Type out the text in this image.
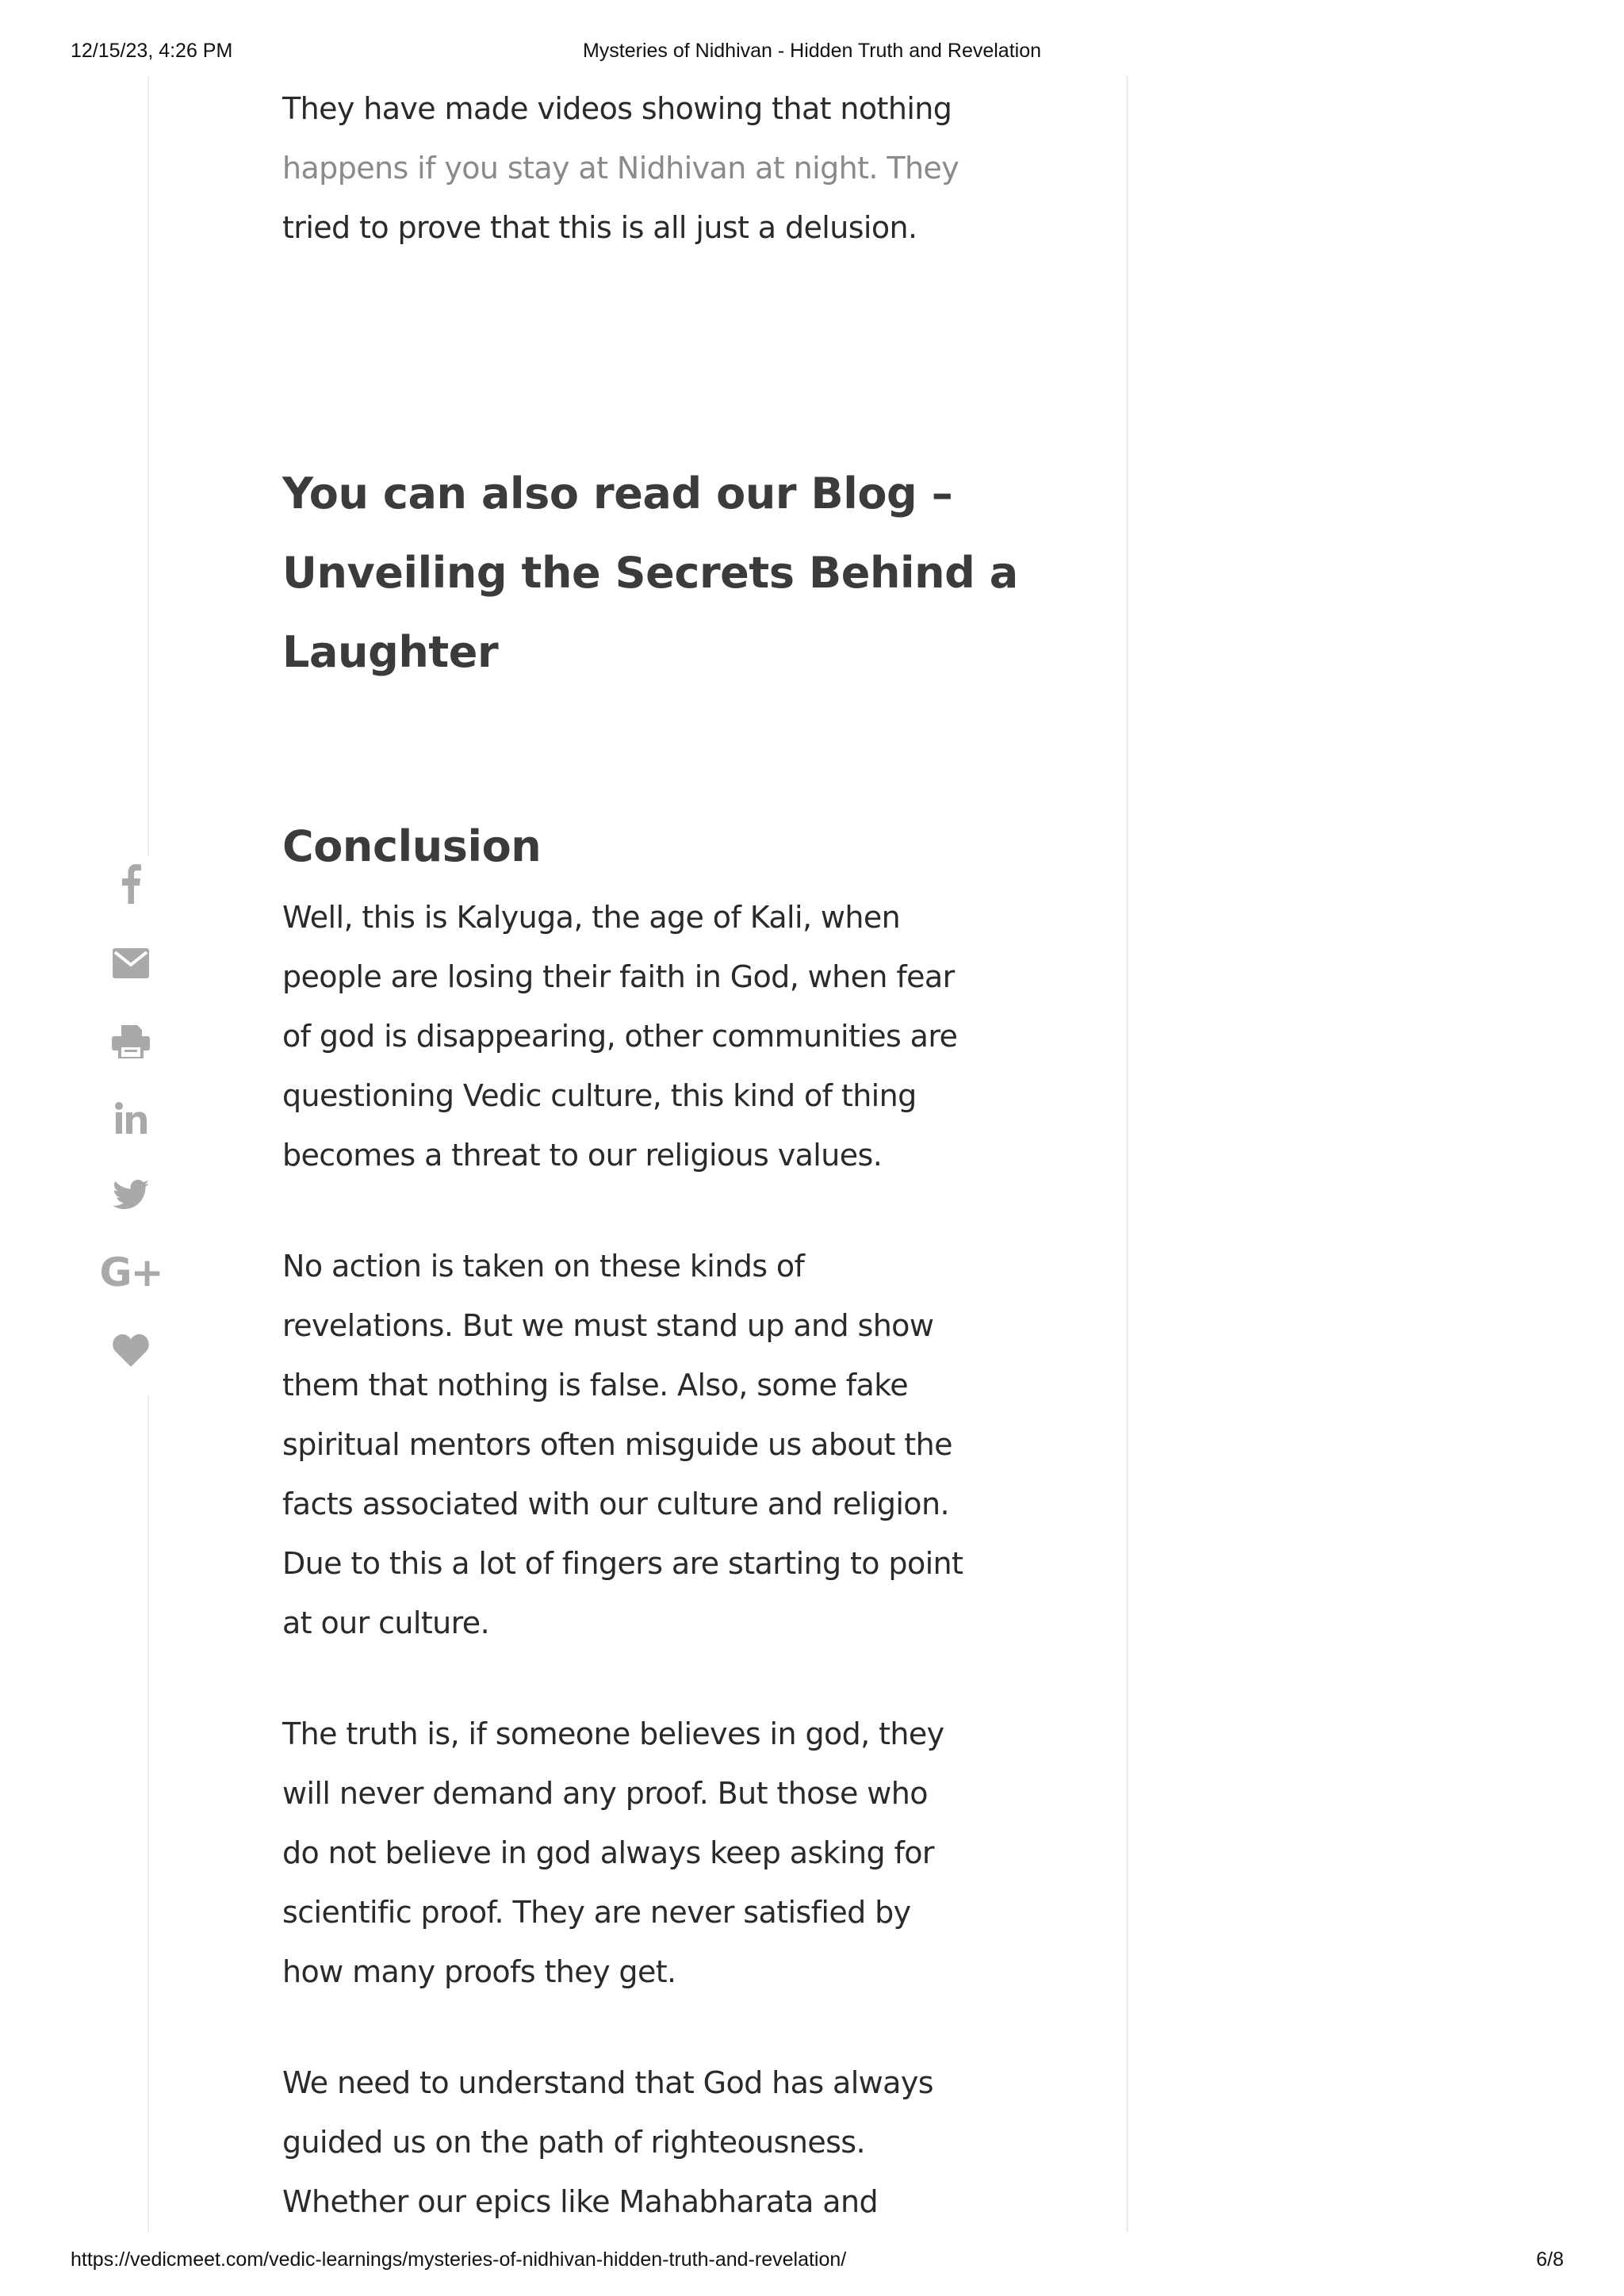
12/15/23, 4:26 PM	Mysteries of Nidhivan - Hidden Truth and Revelation
They have made videos showing that nothing
happens if you stay at Nidhivan at night. They
tried to prove that this is all just a delusion.
You can also read our Blog –
Unveiling the Secrets Behind a
Laughter
Conclusion
Well, this is Kalyuga, the age of Kali, when
people are losing their faith in God, when fear
of god is disappearing, other communities are
questioning Vedic culture, this kind of thing
becomes a threat to our religious values.
No action is taken on these kinds of
revelations. But we must stand up and show
them that nothing is false. Also, some fake
spiritual mentors often misguide us about the
facts associated with our culture and religion.
Due to this a lot of fingers are starting to point
at our culture.
The truth is, if someone believes in god, they
will never demand any proof. But those who
do not believe in god always keep asking for
scientific proof. They are never satisfied by
how many proofs they get.
We need to understand that God has always
guided us on the path of righteousness.
Whether our epics like Mahabharata and
G+
https://vedicmeet.com/vedic-learnings/mysteries-of-nidhivan-hidden-truth-and-revelation/	6/8
